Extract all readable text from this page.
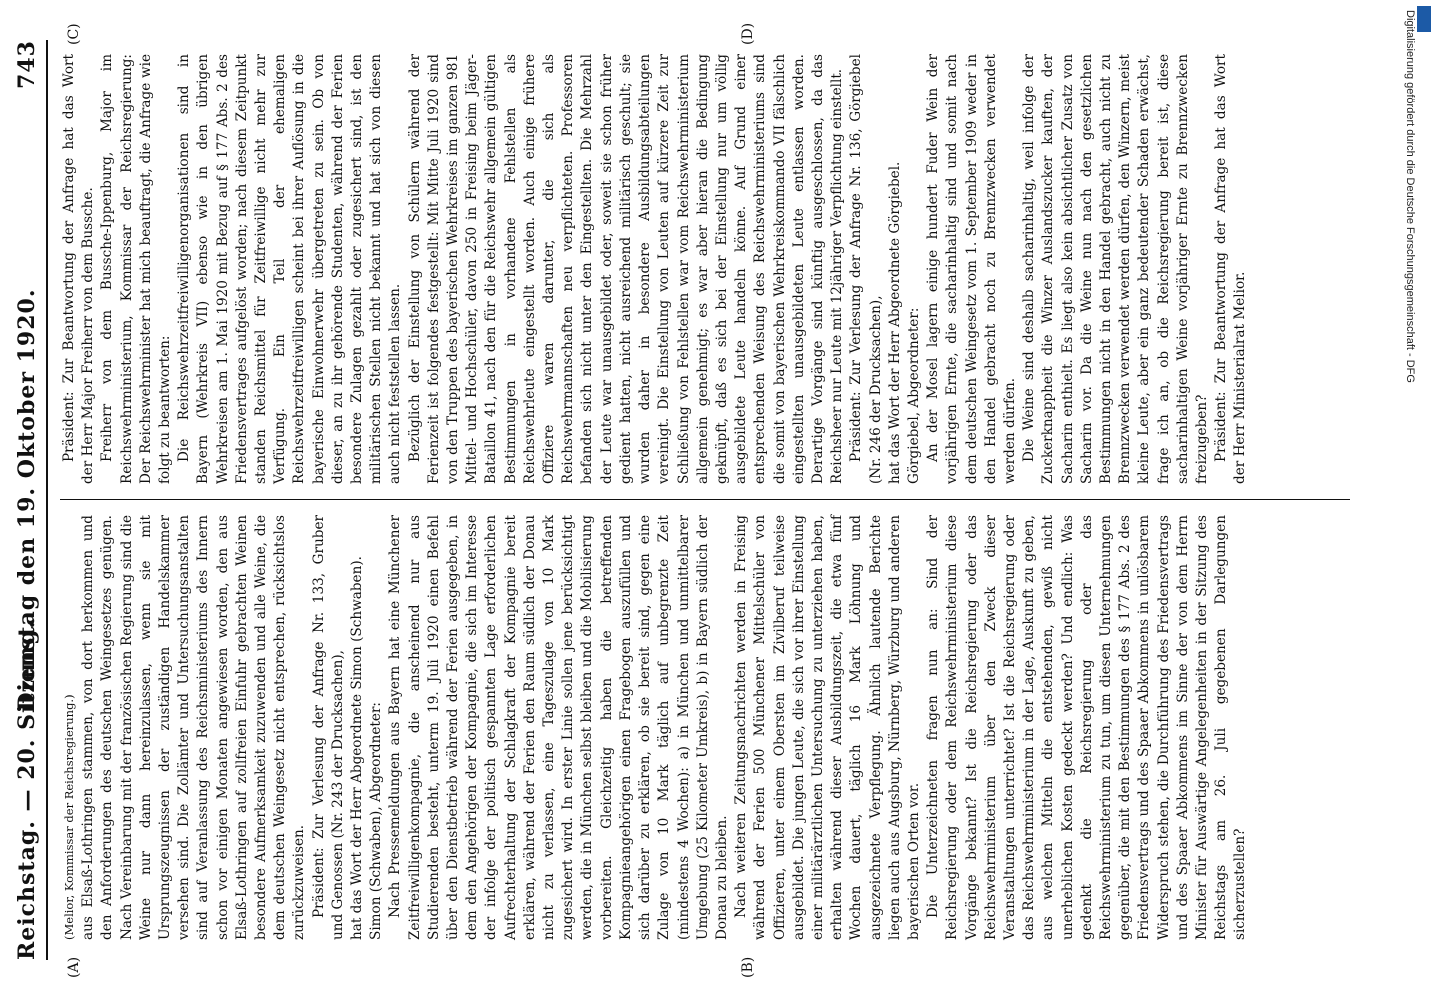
Reichstag. — 20. Sitzung.
Dienstag den 19. Oktober 1920.
743
(A)	(B)
(C)	(D)

(Melior, Kommissar der Reichsregierung.) aus Elsaß-Lothringen stammen, von dort herkommen und den Anforderungen des deutschen Weingesetzes genügen. Nach Vereinbarung mit der französischen Regierung sind die Weine nur dann hereinzulassen, wenn sie mit Ursprungszeugnissen der zuständigen Handelskammer versehen sind. Die Zollämter und Untersuchungsanstalten sind auf Veranlassung des Reichsministeriums des Innern schon vor einigen Monaten angewiesen worden, den aus Elsaß-Lothringen auf zollfreien Einfuhr gebrachten Weinen besondere Aufmerksamkeit zuzuwenden und alle Weine, die dem deutschen Weingesetz nicht entsprechen, rücksichtslos zurückzuweisen. Präsident: Zur Verlesung der Anfrage Nr. 133, Gruber und Genossen (Nr. 243 der Drucksachen), hat das Wort der Herr Abgeordnete Simon (Schwaben). Simon (Schwaben), Abgeordneter: Nach Pressemeldungen aus Bayern hat eine Münchener Zeitfreiwilligenkompagnie, die anscheinend nur aus Studierenden besteht, unterm 19. Juli 1920 einen Befehl über den Dienstbetrieb während der Ferien ausgegeben, in dem den Angehörigen der Kompagnie, die sich im Interesse der infolge der politisch gespannten Lage erforderlichen Aufrechterhaltung der Schlagkraft der Kompagnie bereit erklären, während der Ferien den Raum südlich der Donau nicht zu verlassen, eine Tageszulage von 10 Mark zugesichert wird. In erster Linie sollen jene berücksichtigt werden, die in München selbst bleiben und die Mobilisierung vorbereiten. Gleichzeitig haben die betreffenden Kompagnieangehörigen einen Fragebogen auszufüllen und sich darüber zu erklären, ob sie bereit sind, gegen eine Zulage von 10 Mark täglich auf unbegrenzte Zeit (mindestens 4 Wochen): a) in München und unmittelbarer Umgebung (25 Kilometer Umkreis), b) in Bayern südlich der Donau zu bleiben. Nach weiteren Zeitungsnachrichten werden in Freising während der Ferien 500 Münchener Mittelschüler von Offizieren, unter einem Obersten im Zivilberuf teilweise ausgebildet. Die jungen Leute, die sich vor ihrer Einstellung einer militärärztlichen Untersuchung zu unterziehen haben, erhalten während dieser Ausbildungszeit, die etwa fünf Wochen dauert, täglich 16 Mark Löhnung und ausgezeichnete Verpflegung. Ähnlich lautende Berichte liegen auch aus Augsburg, Nürnberg, Würzburg und anderen bayerischen Orten vor. Die Unterzeichneten fragen nun an: Sind der Reichsregierung oder dem Reichswehrministerium diese Vorgänge bekannt? Ist die Reichsregierung oder das Reichswehrministerium über den Zweck dieser Veranstaltungen unterrichtet? Ist die Reichsregierung oder das Reichswehrministerium in der Lage, Auskunft zu geben, aus welchen Mitteln die entstehenden, gewiß nicht unerheblichen Kosten gedeckt werden? Und endlich: Was gedenkt die Reichsregierung oder das Reichswehrministerium zu tun, um diesen Unternehmungen gegenüber, die mit den Bestimmungen des § 177 Abs. 2 des Friedensvertrags und des Spaaer Abkommens in unlösbarem Widerspruch stehen, die Durchführung des Friedensvertrags und des Spaaer Abkommens im Sinne der von dem Herrn Minister für Auswärtige Angelegenheiten in der Sitzung des Reichstags am 26. Juli gegebenen Darlegungen sicherzustellen?

Präsident: Zur Beantwortung der Anfrage hat das Wort der Herr Major Freiherr von dem Bussche. Freiherr von dem Bussche-Ippenburg, Major im Reichswehrministerium, Kommissar der Reichsregierung: Der Reichswehrminister hat mich beauftragt, die Anfrage wie folgt zu beantworten: Die Reichswehrzeitfreiwilligenorganisationen sind in Bayern (Wehrkreis VII) ebenso wie in den übrigen Wehrkreisen am 1. Mai 1920 mit Bezug auf § 177 Abs. 2 des Friedensvertrages aufgelöst worden; nach diesem Zeitpunkt standen Reichsmittel für Zeitfreiwillige nicht mehr zur Verfügung. Ein Teil der ehemaligen Reichswehrzeitfreiwilligen scheint bei ihrer Auflösung in die bayerische Einwohnerwehr übergetreten zu sein. Ob von dieser, an zu ihr gehörende Studenten, während der Ferien besondere Zulagen gezahlt oder zugesichert sind, ist den militärischen Stellen nicht bekannt und hat sich von diesen auch nicht feststellen lassen. Bezüglich der Einstellung von Schülern während der Ferienzeit ist folgendes festgestellt: Mit Mitte Juli 1920 sind von den Truppen des bayerischen Wehrkreises im ganzen 981 Mittel- und Hochschüler, davon 250 in Freising beim Jäger-Bataillon 41, nach den für die Reichswehr allgemein gültigen Bestimmungen in vorhandene Fehlstellen als Reichswehrleute eingestellt worden. Auch einige frühere Offiziere waren darunter, die sich als Reichswehrmannschaften neu verpflichteten. Professoren befanden sich nicht unter den Eingestellten. Die Mehrzahl der Leute war unausgebildet oder, soweit sie schon früher gedient hatten, nicht ausreichend militärisch geschult; sie wurden daher in besondere Ausbildungsabteilungen vereinigt. Die Einstellung von Leuten auf kürzere Zeit zur Schließung von Fehlstellen war vom Reichswehrministerium allgemein genehmigt; es war aber hieran die Bedingung geknüpft, daß es sich bei der Einstellung nur um völlig ausgebildete Leute handeln könne. Auf Grund einer entsprechenden Weisung des Reichswehrministeriums sind die somit von bayerischen Wehrkreiskommando VII fälschlich eingestellten unausgebildeten Leute entlassen worden. Derartige Vorgänge sind künftig ausgeschlossen, da das Reichsheer nur Leute mit 12jähriger Verpflichtung einstellt. Präsident: Zur Verlesung der Anfrage Nr. 136, Görgiebel (Nr. 246 der Drucksachen), hat das Wort der Herr Abgeordnete Görgiebel. Görgiebel, Abgeordneter: An der Mosel lagern einige hundert Fuder Wein der vorjährigen Ernte, die sacharinhaltig sind und somit nach dem deutschen Weingesetz vom 1. September 1909 weder in den Handel gebracht noch zu Brennzwecken verwendet werden dürfen. Die Weine sind deshalb sacharinhaltig, weil infolge der Zuckerknappheit die Winzer Auslandszucker kauften, der Sacharin enthielt. Es liegt also kein absichtlicher Zusatz von Sacharin vor. Da die Weine nun nach den gesetzlichen Bestimmungen nicht in den Handel gebracht, auch nicht zu Brennzwecken verwendet werden dürfen, den Winzern, meist kleine Leute, aber ein ganz bedeutender Schaden erwächst, frage ich an, ob die Reichsregierung bereit ist, diese sacharinhaltigen Weine vorjähriger Ernte zu Brennzwecken freizugeben? Präsident: Zur Beantwortung der Anfrage hat das Wort der Herr Ministerialrat Melior.	Digitalisierung gefördert durch die Deutsche Forschungsgemeinschaft - DFG
